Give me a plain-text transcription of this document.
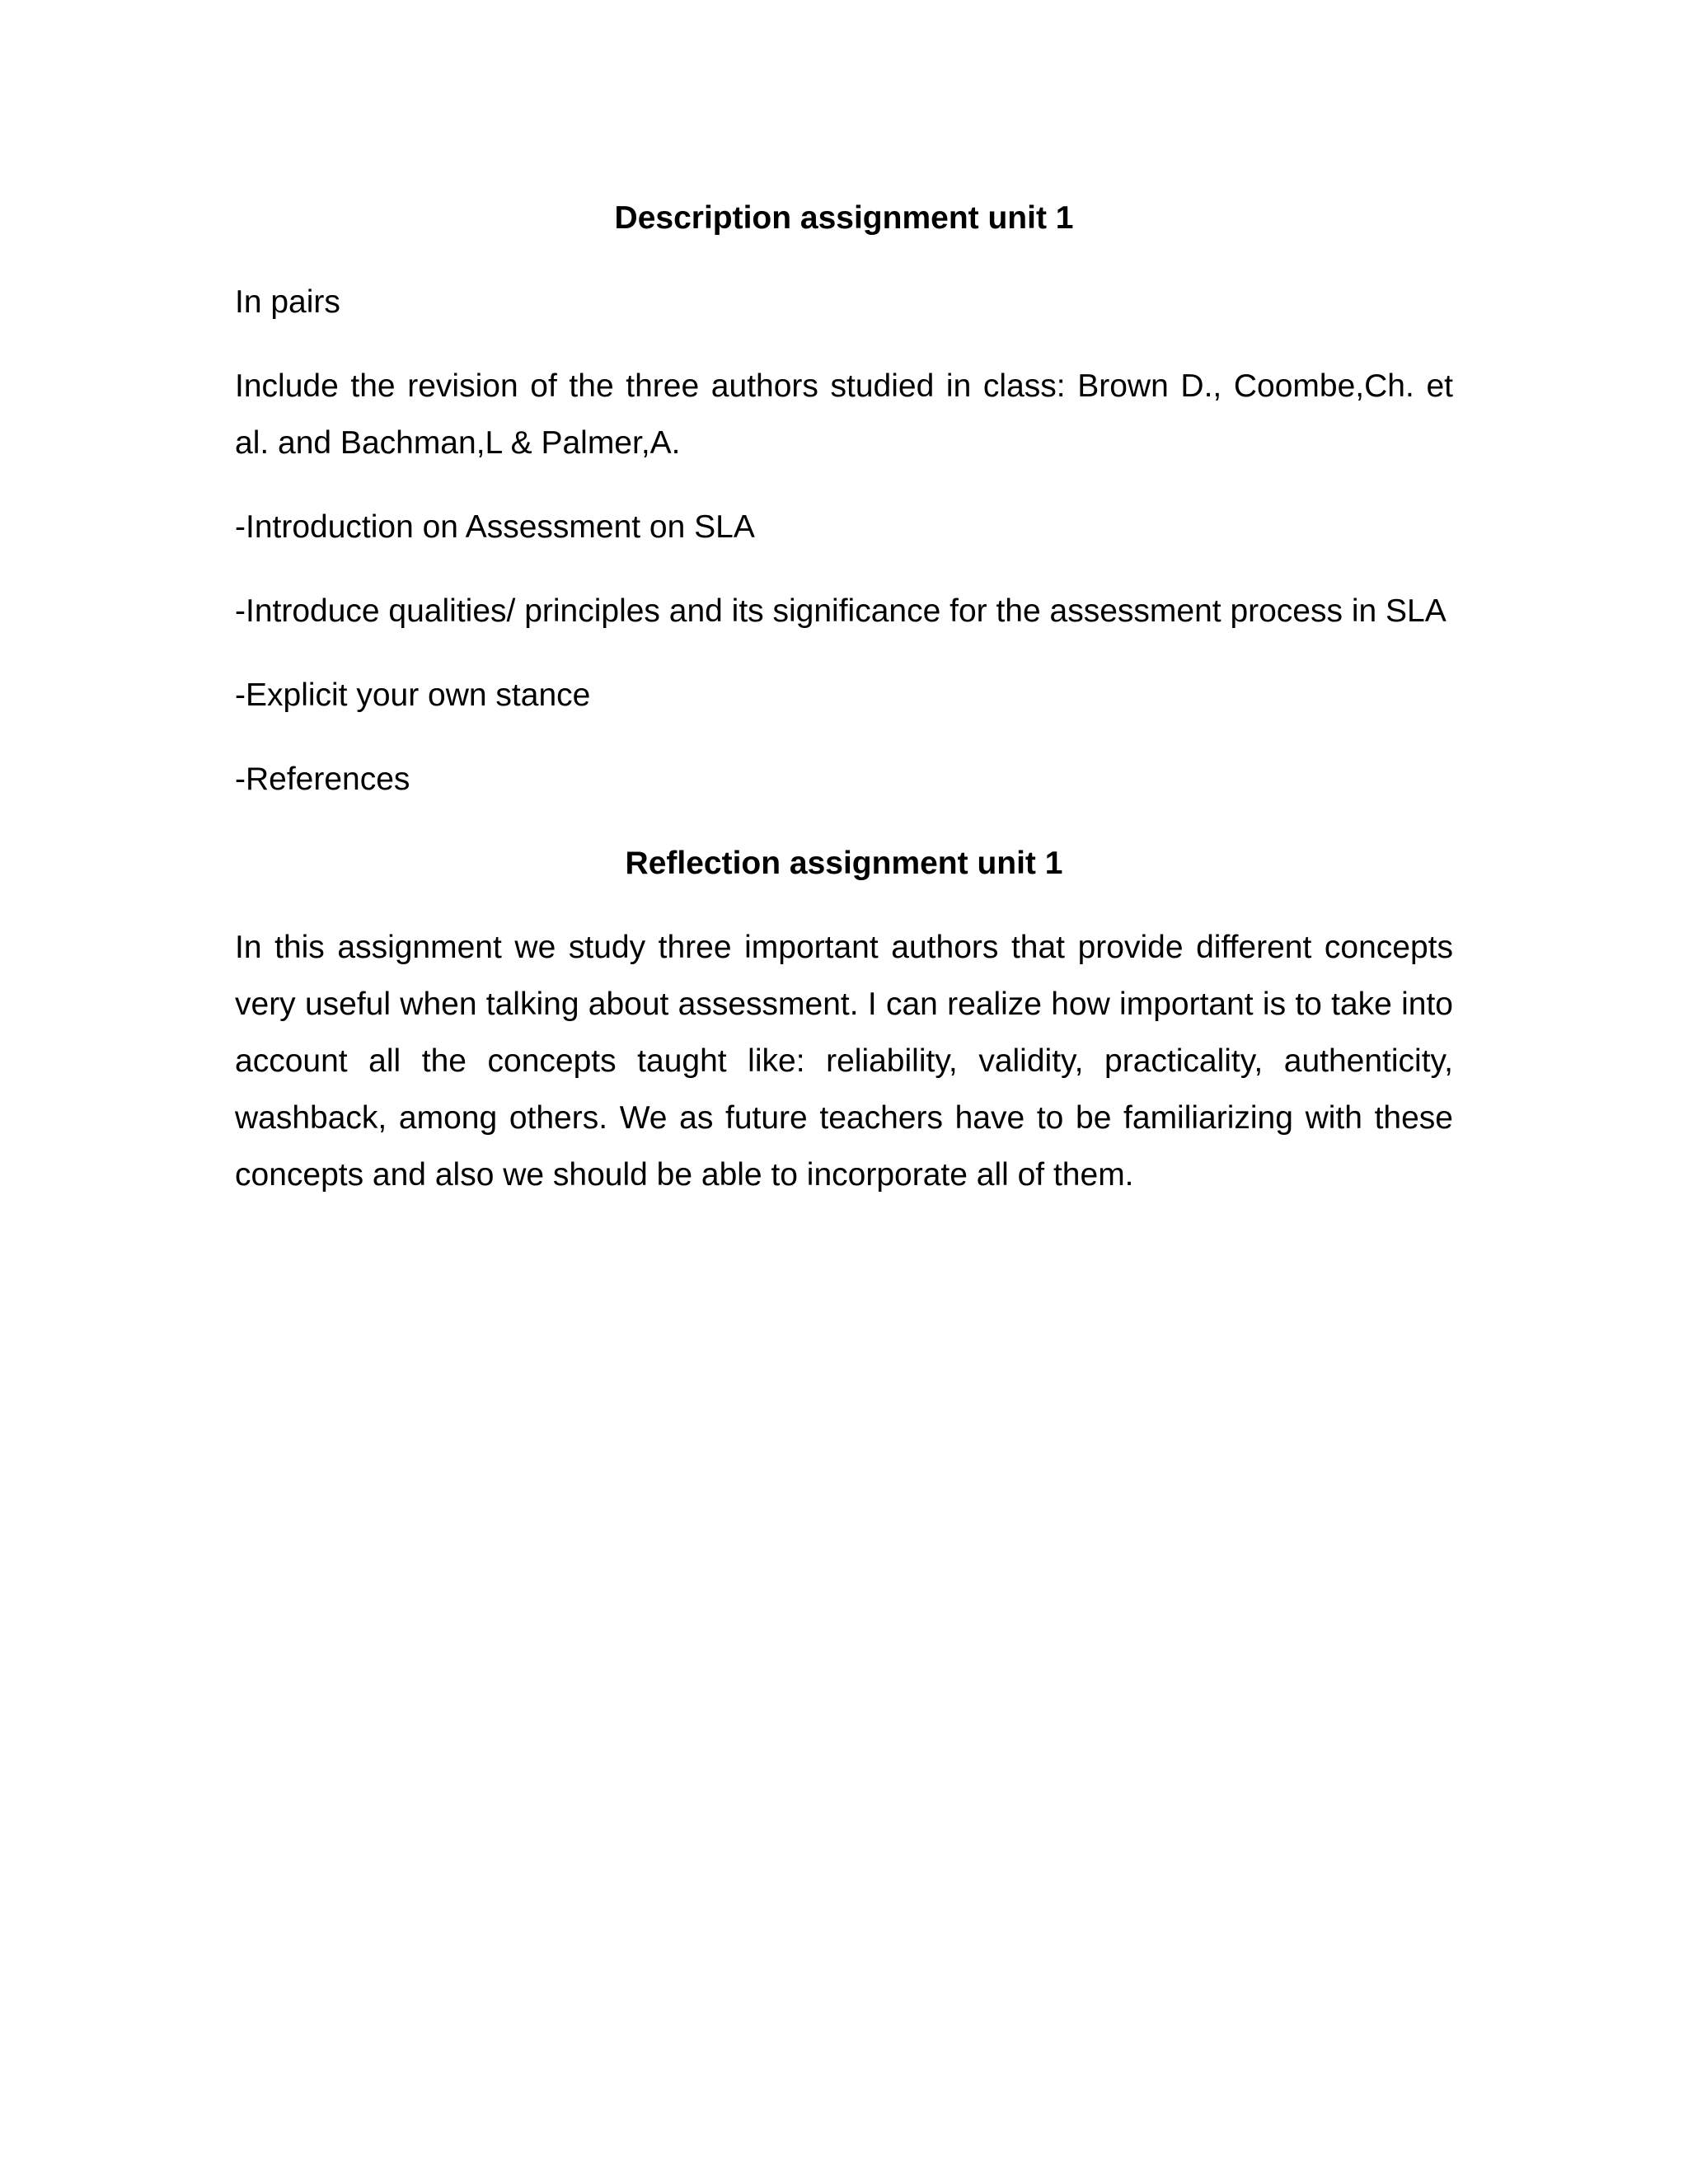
Description assignment unit 1

In pairs

Include the revision of the three authors studied in class: Brown D., Coombe,Ch. et al. and Bachman,L & Palmer,A.

-Introduction on Assessment on SLA

-Introduce qualities/ principles and its significance for the assessment process in SLA

-Explicit your own stance

-References

Reflection assignment unit 1

In this assignment we study three important authors that provide different concepts very useful when talking about assessment. I can realize how important is to take into account all the concepts taught like: reliability, validity, practicality, authenticity, washback, among others. We as future teachers have to be familiarizing with these concepts and also we should be able to incorporate all of them.
